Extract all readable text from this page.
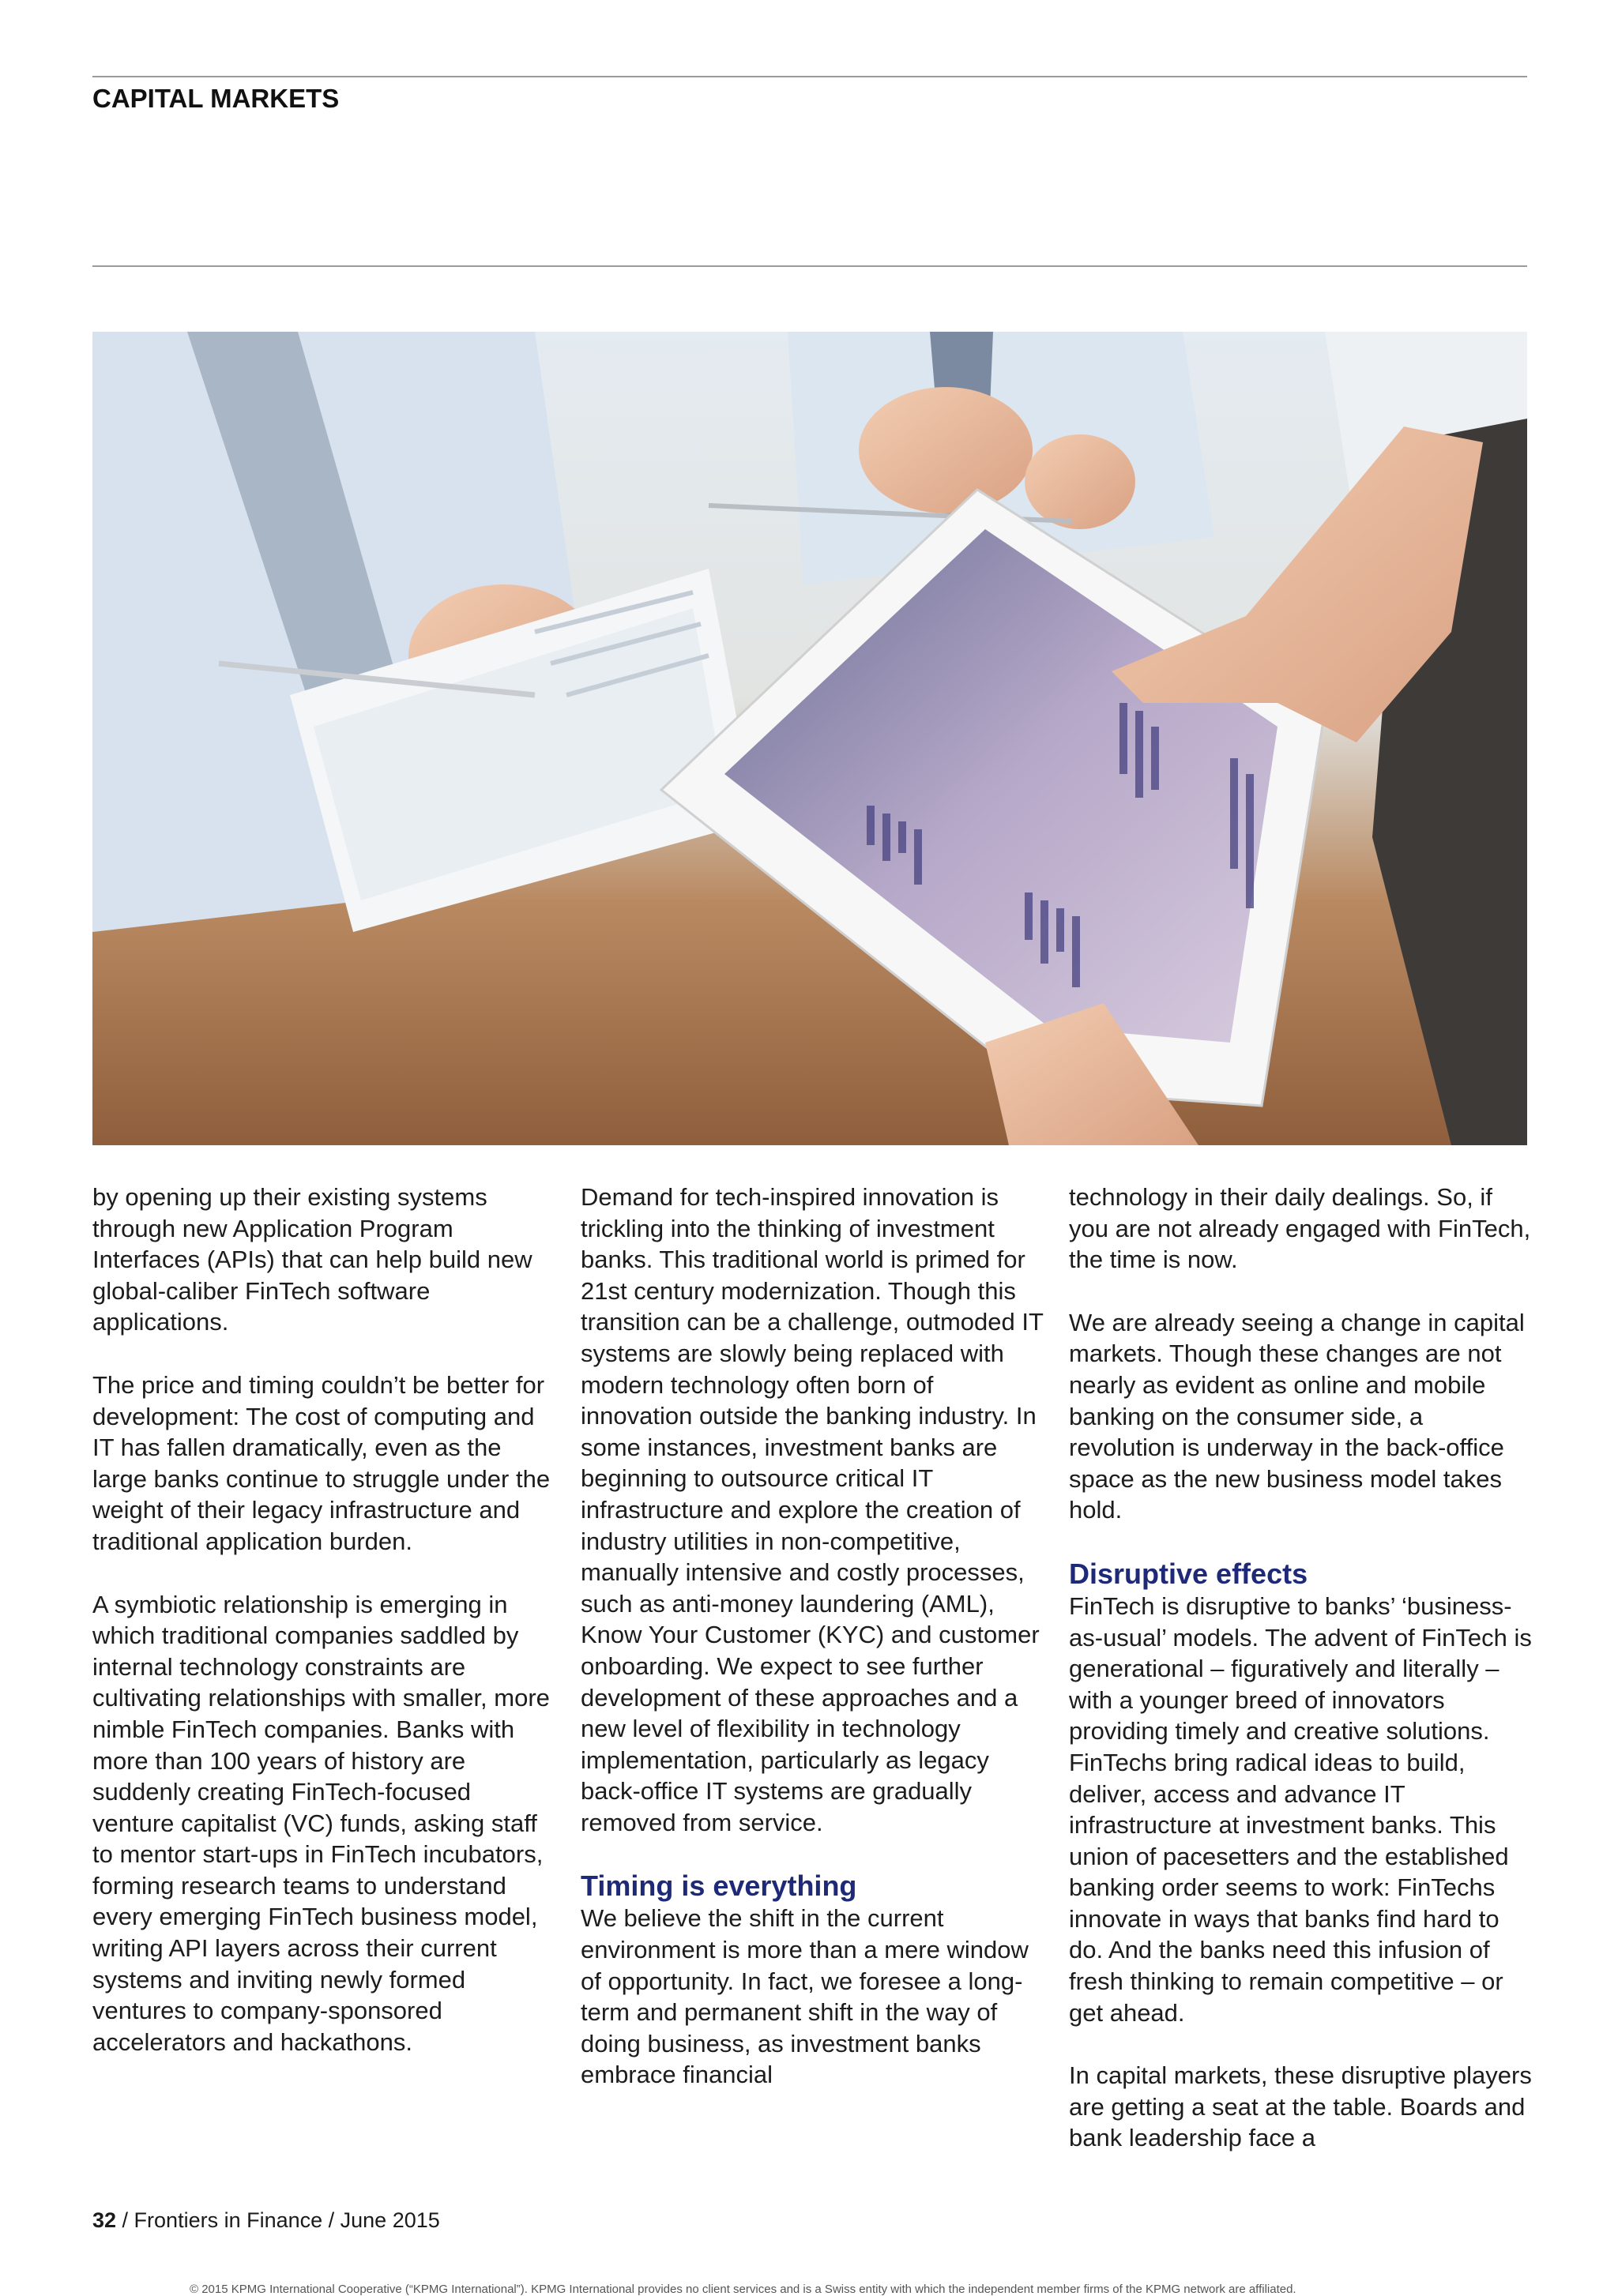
CAPITAL MARKETS

by opening up their existing systems through new Application Program Interfaces (APIs) that can help build new global-caliber FinTech software applications.

The price and timing couldn’t be better for development: The cost of computing and IT has fallen dramatically, even as the large banks continue to struggle under the weight of their legacy infrastructure and traditional application burden.

A symbiotic relationship is emerging in which traditional companies saddled by internal technology constraints are cultivating relationships with smaller, more nimble FinTech companies. Banks with more than 100 years of history are suddenly creating FinTech-focused venture capitalist (VC) funds, asking staff to mentor start-ups in FinTech incubators, forming research teams to understand every emerging FinTech business model, writing API layers across their current systems and inviting newly formed ventures to company-sponsored accelerators and hackathons.

Demand for tech-inspired innovation is trickling into the thinking of investment banks. This traditional world is primed for 21st century modernization. Though this transition can be a challenge, outmoded IT systems are slowly being replaced with modern technology often born of innovation outside the banking industry. In some instances, investment banks are beginning to outsource critical IT infrastructure and explore the creation of industry utilities in non-competitive, manually intensive and costly processes, such as anti-money laundering (AML), Know Your Customer (KYC) and customer onboarding. We expect to see further development of these approaches and a new level of flexibility in technology implementation, particularly as legacy back-office IT systems are gradually removed from service.

Timing is everything

We believe the shift in the current environment is more than a mere window of opportunity. In fact, we foresee a long-term and permanent shift in the way of doing business, as investment banks embrace financial

technology in their daily dealings. So, if you are not already engaged with FinTech, the time is now.

We are already seeing a change in capital markets. Though these changes are not nearly as evident as online and mobile banking on the consumer side, a revolution is underway in the back-office space as the new business model takes hold.

Disruptive effects

FinTech is disruptive to banks’ ‘business-as-usual’ models. The advent of FinTech is generational – figuratively and literally – with a younger breed of innovators providing timely and creative solutions. FinTechs bring radical ideas to build, deliver, access and advance IT infrastructure at investment banks. This union of pacesetters and the established banking order seems to work: FinTechs innovate in ways that banks find hard to do. And the banks need this infusion of fresh thinking to remain competitive – or get ahead.

In capital markets, these disruptive players are getting a seat at the table. Boards and bank leadership face a

32 / Frontiers in Finance / June 2015
© 2015 KPMG International Cooperative (“KPMG International”). KPMG International provides no client services and is a Swiss entity with which the independent member firms of the KPMG network are affiliated.
